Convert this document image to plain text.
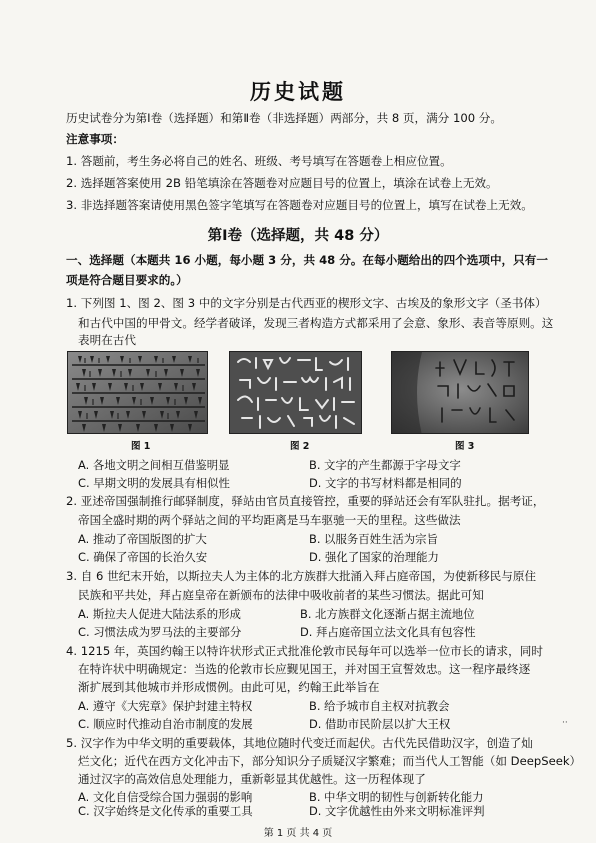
历史试题
历史试卷分为第Ⅰ卷（选择题）和第Ⅱ卷（非选择题）两部分，共 8 页，满分 100 分。
注意事项：
1. 答题前，考生务必将自己的姓名、班级、考号填写在答题卷上相应位置。
2. 选择题答案使用 2B 铅笔填涂在答题卷对应题目号的位置上，填涂在试卷上无效。
3. 非选择题答案请使用黑色签字笔填写在答题卷对应题目号的位置上，填写在试卷上无效。
第Ⅰ卷（选择题，共 48 分）
一、选择题（本题共 16 小题，每小题 3 分，共 48 分。在每小题给出的四个选项中，只有一
项是符合题目要求的。）
1. 下列图 1、图 2、图 3 中的文字分别是古代西亚的楔形文字、古埃及的象形文字（圣书体）
和古代中国的甲骨文。经学者破译，发现三者构造方式都采用了会意、象形、表音等原则。这
表明在古代
图 1	图 2	图 3
A. 各地文明之间相互借鉴明显	B. 文字的产生都源于字母文字
C. 早期文明的发展具有相似性	D. 文字的书写材料都是相同的
2. 亚述帝国强制推行邮驿制度，驿站由官员直接管控，重要的驿站还会有军队驻扎。据考证，
帝国全盛时期的两个驿站之间的平均距离是马车驱驰一天的里程。这些做法
A. 推动了帝国版图的扩大	B. 以服务百姓生活为宗旨
C. 确保了帝国的长治久安	D. 强化了国家的治理能力
3. 自 6 世纪末开始，以斯拉夫人为主体的北方族群大批涌入拜占庭帝国，为使新移民与原住
民族和平共处，拜占庭皇帝在新颁布的法律中吸收前者的某些习惯法。据此可知
A. 斯拉夫人促进大陆法系的形成	B. 北方族群文化逐渐占据主流地位
C. 习惯法成为罗马法的主要部分	D. 拜占庭帝国立法文化具有包容性
4. 1215 年，英国约翰王以特许状形式正式批准伦敦市民每年可以选举一位市长的请求，同时
在特许状中明确规定：当选的伦敦市长应觐见国王，并对国王宣誓效忠。这一程序最终逐
渐扩展到其他城市并形成惯例。由此可见，约翰王此举旨在
A. 遵守《大宪章》保护封建主特权	B. 给予城市自主权对抗教会
C. 顺应时代推动自治市制度的发展	D. 借助市民阶层以扩大王权
5. 汉字作为中华文明的重要载体，其地位随时代变迁而起伏。古代先民借助汉字，创造了灿
烂文化；近代在西方文化冲击下，部分知识分子质疑汉字繁难；而当代人工智能（如 DeepSeek）
通过汉字的高效信息处理能力，重新彰显其优越性。这一历程体现了
A. 文化自信受综合国力强弱的影响	B. 中华文明的韧性与创新转化能力
··
第 1 页 共 4 页
C. 汉字始终是文化传承的重要工具	D. 文字优越性由外来文明标准评判
